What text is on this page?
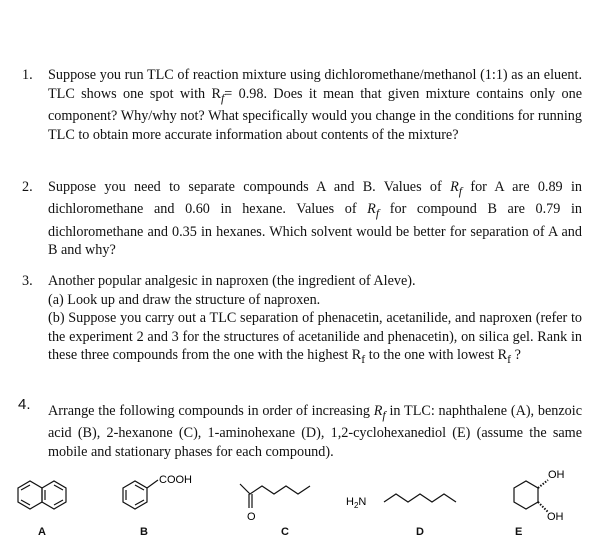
1. Suppose you run TLC of reaction mixture using dichloromethane/methanol (1:1) as an eluent. TLC shows one spot with $R_f= 0.98$. Does it mean that given mixture contains only one component? Why/why not? What specifically would you change in the conditions for running TLC to obtain more accurate information about contents of the mixture?

2. Suppose you need to separate compounds A and B. Values of $R_f$ for A are 0.89 in dichloromethane and 0.60 in hexane. Values of $R_f$ for compound B are 0.79 in dichloromethane and 0.35 in hexanes. Which solvent would be better for separation of A and B and why?

3. Another popular analgesic in naproxen (the ingredient of Aleve).

(a) Look up and draw the structure of naproxen.

(b) Suppose you carry out a TLC separation of phenacetin, acetanilide, and naproxen (refer to the experiment 2 and 3 for the structures of acetanilide and phenacetin), on silica gel. Rank in these three compounds from the one with the highest $R_f$ to the one with lowest $R_f$ ?

4. Arrange the following compounds in order of increasing $R_f$ in TLC: naphthalene (A), benzoic acid (B), 2-hexanone (C), 1-aminohexane (D), 1,2-cyclohexanediol (E) (assume the same mobile and stationary phases for each compound).

COOH
O
$H_2N$
OH
OH
A	B	C	D	E
